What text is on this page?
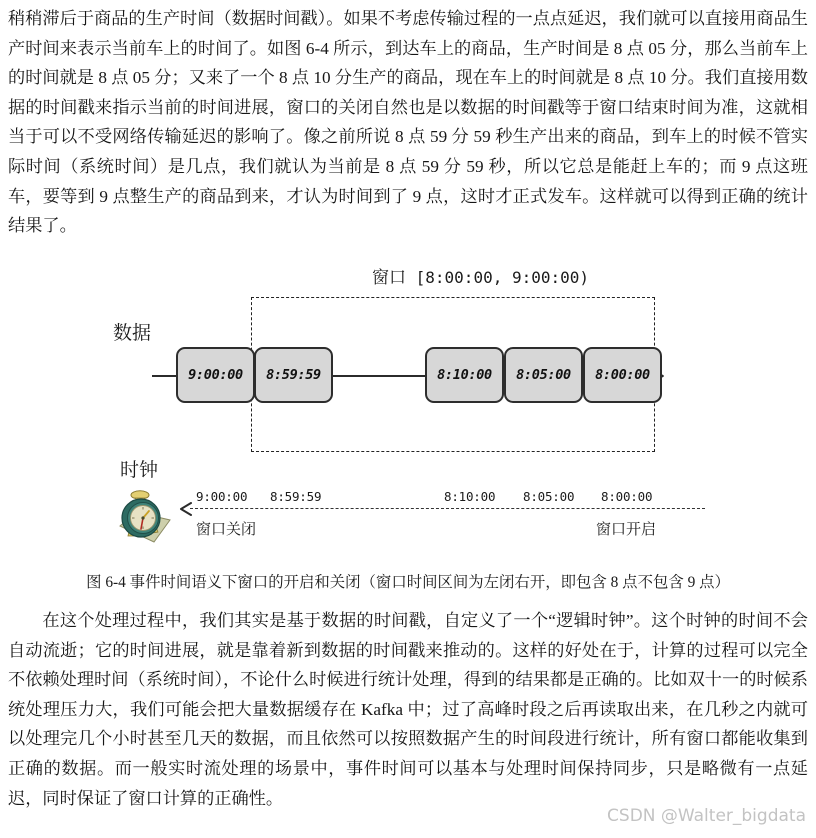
稍稍滞后于商品的生产时间（数据时间戳）。如果不考虑传输过程的一点点延迟，我们就可以直接用商品生产时间来表示当前车上的时间了。如图 6-4 所示，到达车上的商品，生产时间是 8 点 05 分，那么当前车上的时间就是 8 点 05 分；又来了一个 8 点 10 分生产的商品，现在车上的时间就是 8 点 10 分。我们直接用数据的时间戳来指示当前的时间进展，窗口的关闭自然也是以数据的时间戳等于窗口结束时间为准，这就相当于可以不受网络传输延迟的影响了。像之前所说 8 点 59 分 59 秒生产出来的商品，到车上的时候不管实际时间（系统时间）是几点，我们就认为当前是 8 点 59 分 59 秒，所以它总是能赶上车的；而 9 点这班车，要等到 9 点整生产的商品到来，才认为时间到了 9 点，这时才正式发车。这样就可以得到正确的统计结果了。
窗口 [8:00:00, 9:00:00)
数据
9:00:00	8:59:59	8:10:00	8:05:00	8:00:00
时钟
9:00:00 8:59:59	8:10:00 8:05:00 8:00:00
窗口关闭	窗口开启
图 6-4 事件时间语义下窗口的开启和关闭（窗口时间区间为左闭右开，即包含 8 点不包含 9 点）
在这个处理过程中，我们其实是基于数据的时间戳，自定义了一个“逻辑时钟”。这个时钟的时间不会自动流逝；它的时间进展，就是靠着新到数据的时间戳来推动的。这样的好处在于，计算的过程可以完全不依赖处理时间（系统时间），不论什么时候进行统计处理，得到的结果都是正确的。比如双十一的时候系统处理压力大，我们可能会把大量数据缓存在 Kafka 中；过了高峰时段之后再读取出来，在几秒之内就可以处理完几个小时甚至几天的数据，而且依然可以按照数据产生的时间段进行统计，所有窗口都能收集到正确的数据。而一般实时流处理的场景中，事件时间可以基本与处理时间保持同步，只是略微有一点延迟，同时保证了窗口计算的正确性。
CSDN @Walter_bigdata
